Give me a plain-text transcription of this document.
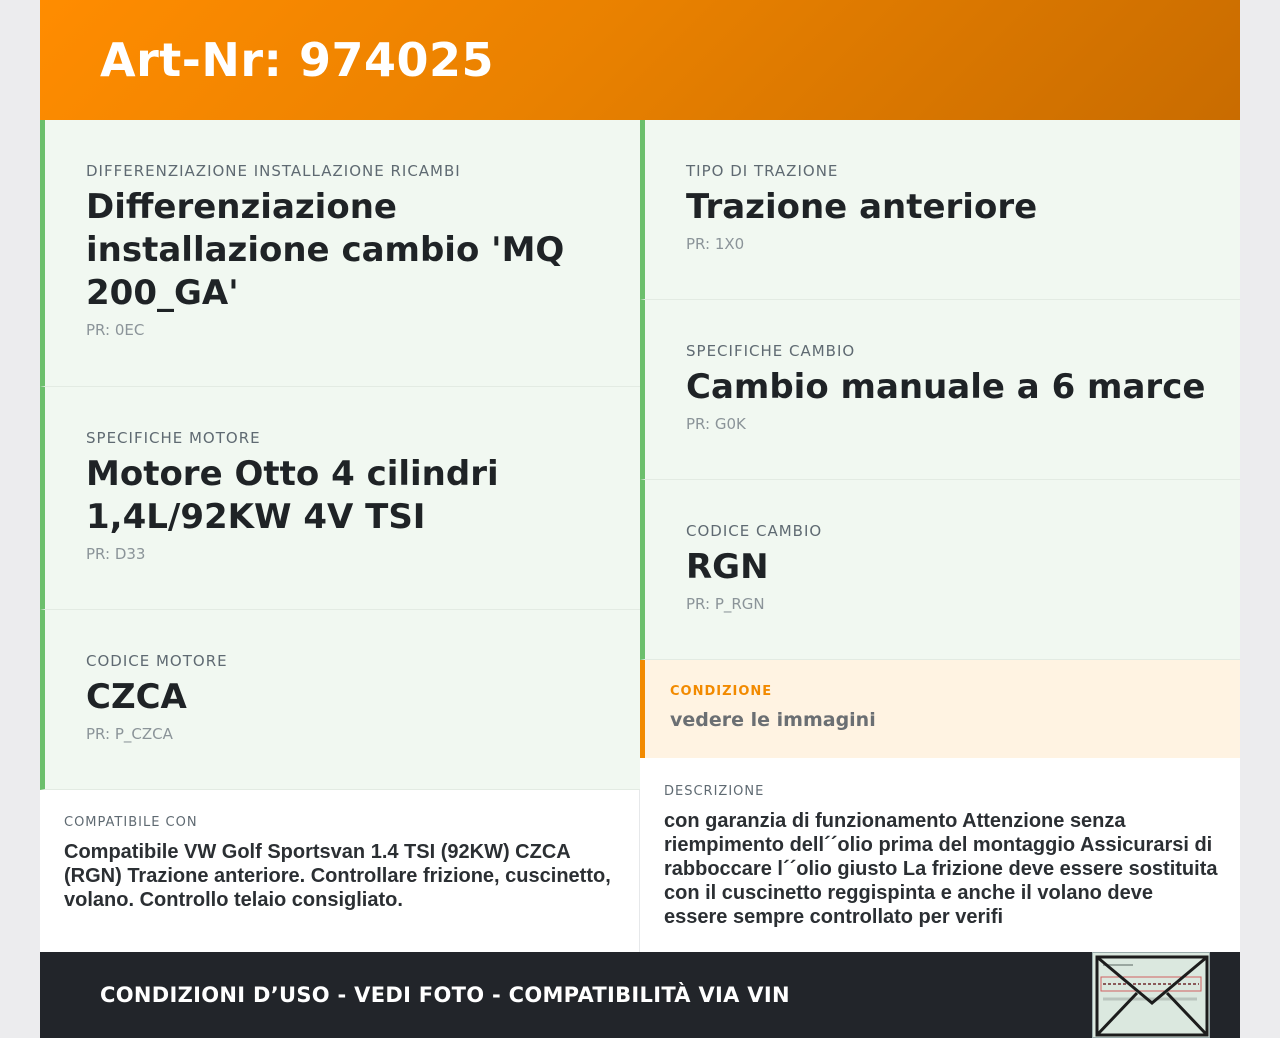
Art-Nr: 974025
DIFFERENZIAZIONE INSTALLAZIONE RICAMBI
Differenziazione installazione cambio 'MQ 200_GA'
PR: 0EC
SPECIFICHE MOTORE
Motore Otto 4 cilindri 1,4L/92KW 4V TSI
PR: D33
CODICE MOTORE
CZCA
PR: P_CZCA
COMPATIBILE CON
Compatibile VW Golf Sportsvan 1.4 TSI (92KW) CZCA (RGN) Trazione anteriore. Controllare frizione, cuscinetto, volano. Controllo telaio consigliato.
TIPO DI TRAZIONE
Trazione anteriore
PR: 1X0
SPECIFICHE CAMBIO
Cambio manuale a 6 marce
PR: G0K
CODICE CAMBIO
RGN
PR: P_RGN
CONDIZIONE
vedere le immagini
DESCRIZIONE
con garanzia di funzionamento Attenzione senza riempimento dell´´olio prima del montaggio Assicurarsi di rabboccare l´´olio giusto La frizione deve essere sostituita con il cuscinetto reggispinta e anche il volano deve essere sempre controllato per verifi
CONDIZIONI D’USO - VEDI FOTO - COMPATIBILITÀ VIA VIN
